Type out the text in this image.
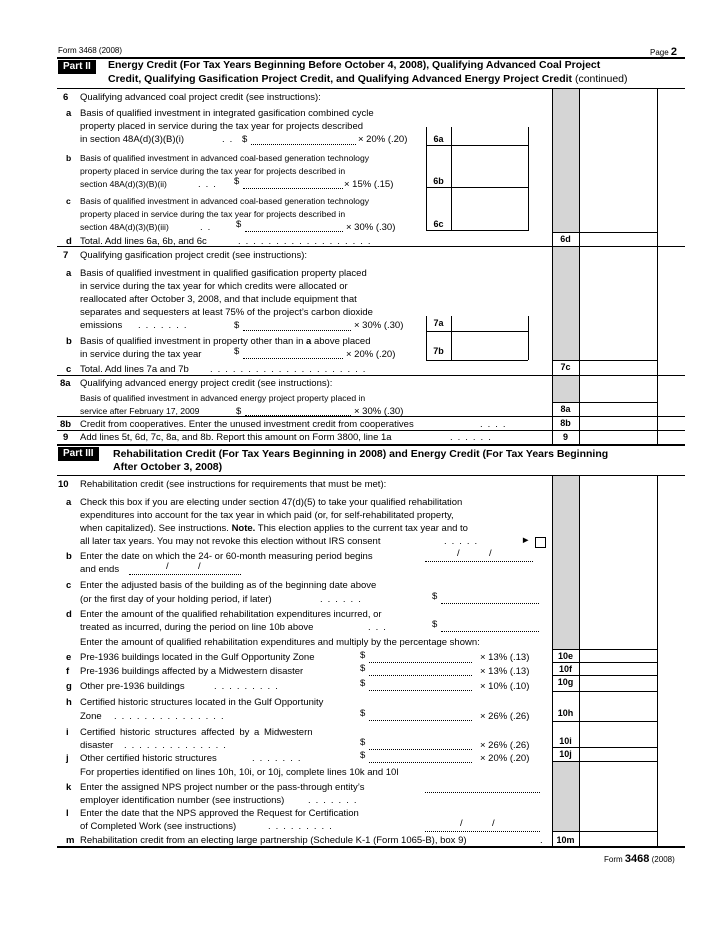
Form 3468 (2008)	Page 2
Part II	Energy Credit (For Tax Years Beginning Before October 4, 2008), Qualifying Advanced Coal Project
Credit, Qualifying Gasification Project Credit, and Qualifying Advanced Energy Project Credit (continued)
6 Qualifying advanced coal project credit (see instructions):
a Basis of qualified investment in integrated gasification combined cycle
property placed in service during the tax year for projects described
in section 48A(d)(3)(B)(i)	.. $	× 20% (.20)	6a
b Basis of qualified investment in advanced coal-based generation technology
property placed in service during the tax year for projects described in
section 48A(d)(3)(B)(ii)	... $	× 15% (.15)	6b
c Basis of qualified investment in advanced coal-based generation technology
property placed in service during the tax year for projects described in
section 48A(d)(3)(B)(iii)	.. $	× 30% (.30)	6c
d Total. Add lines 6a, 6b, and 6c	..................	6d
7 Qualifying gasification project credit (see instructions):
a Basis of qualified investment in qualified gasification property placed
in service during the tax year for which credits were allocated or
reallocated after October 3, 2008, and that include equipment that
separates and sequesters at least 75% of the project’s carbon dioxide
emissions .......	$	× 30% (.30)	7a
b Basis of qualified investment in property other than in a above placed
in service during the tax year	$	× 20% (.20)	7b
c Total. Add lines 7a and 7b .....................	7c
8a Qualifying advanced energy project credit (see instructions):
Basis of qualified investment in advanced energy project property placed in
service after February 17, 2009	$	× 30% (.30)	8a
8b Credit from cooperatives. Enter the unused investment credit from cooperatives	....	8b
9 Add lines 5t, 6d, 7c, 8a, and 8b. Report this amount on Form 3800, line 1a	......	9
Part III	Rehabilitation Credit (For Tax Years Beginning in 2008) and Energy Credit (For Tax Years Beginning
After October 3, 2008)
10 Rehabilitation credit (see instructions for requirements that must be met):
a Check this box if you are electing under section 47(d)(5) to take your qualified rehabilitation
expenditures into account for the tax year in which paid (or, for self-rehabilitated property,
when capitalized). See instructions. Note. This election applies to the current tax year and to
all later tax years. You may not revoke this election without IRS consent	.....	►
b Enter the date on which the 24- or 60-month measuring period begins	/	/
and ends	/	/
c Enter the adjusted basis of the building as of the beginning date above
(or the first day of your holding period, if later)	......	$
d Enter the amount of the qualified rehabilitation expenditures incurred, or
treated as incurred, during the period on line 10b above	...	$
Enter the amount of qualified rehabilitation expenditures and multiply by the percentage shown:
e Pre-1936 buildings located in the Gulf Opportunity Zone	$	× 13% (.13)	10e
f Pre-1936 buildings affected by a Midwestern disaster	$	× 13% (.13)	10f
g Other pre-1936 buildings	.........	$	× 10% (.10)	10g
h Certified historic structures located in the Gulf Opportunity
Zone ...............	$	× 26% (.26)	10h
i Certified historic structures affected by a Midwestern
disaster ..............	$	× 26% (.26)	10i
j Other certified historic structures	.......	$	× 20% (.20)	10j
For properties identified on lines 10h, 10i, or 10j, complete lines 10k and 10l
k Enter the assigned NPS project number or the pass-through entity’s
employer identification number (see instructions) .......
l Enter the date that the NPS approved the Request for Certification
of Completed Work (see instructions)	.........	/	/
m Rehabilitation credit from an electing large partnership (Schedule K-1 (Form 1065-B), box 9)	.	10m
Form 3468 (2008)
